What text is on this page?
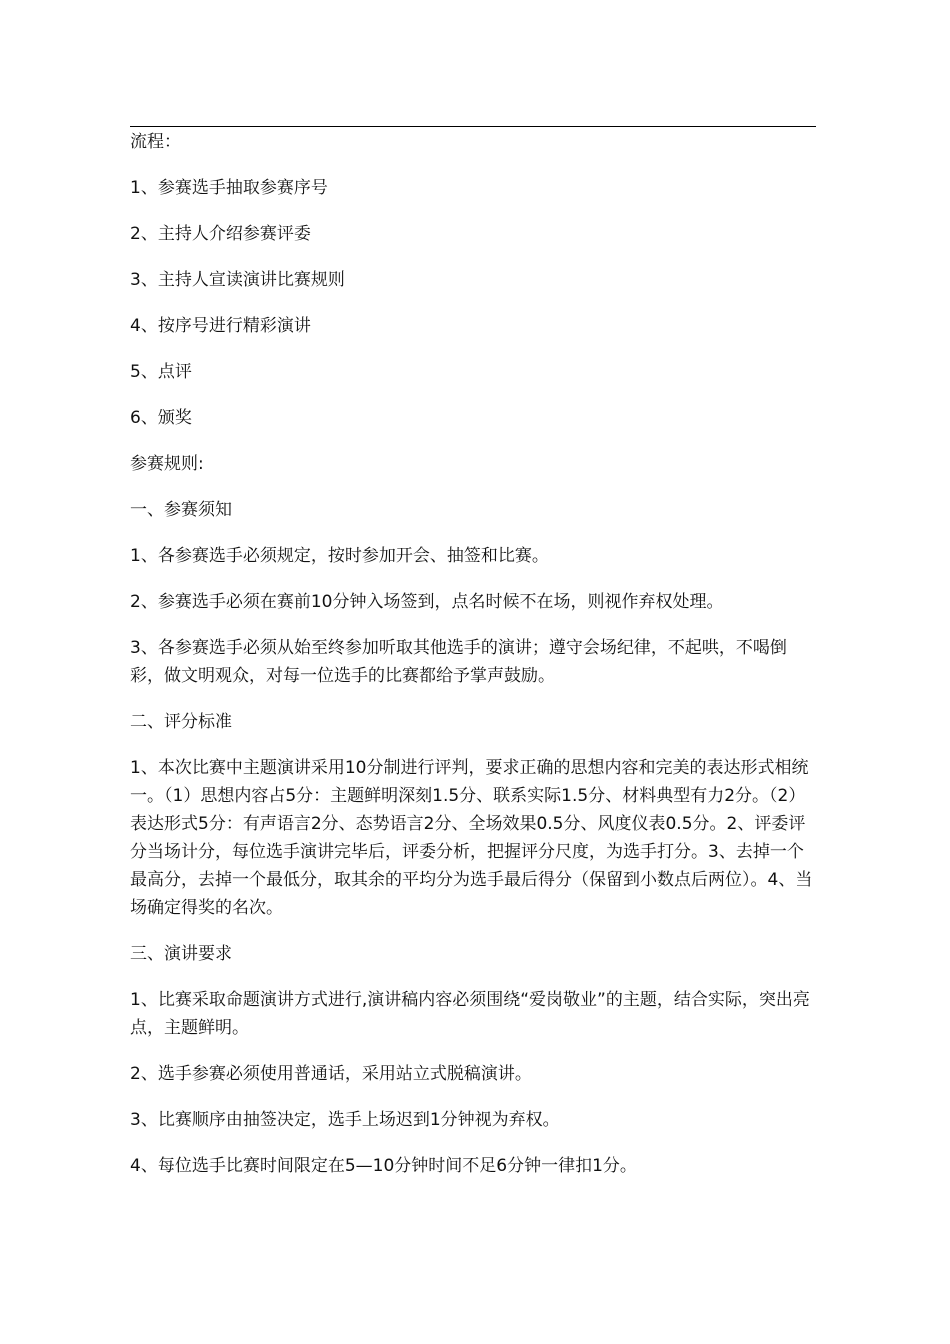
流程：

1、参赛选手抽取参赛序号

2、主持人介绍参赛评委

3、主持人宣读演讲比赛规则

4、按序号进行精彩演讲

5、点评

6、颁奖

参赛规则:

一、参赛须知

1、各参赛选手必须规定，按时参加开会、抽签和比赛。

2、参赛选手必须在赛前10分钟入场签到，点名时候不在场，则视作弃权处理。

3、各参赛选手必须从始至终参加听取其他选手的演讲；遵守会场纪律，不起哄，不喝倒彩，做文明观众，对每一位选手的比赛都给予掌声鼓励。

二、评分标准

1、本次比赛中主题演讲采用10分制进行评判，要求正确的思想内容和完美的表达形式相统一。（1）思想内容占5分：主题鲜明深刻1.5分、联系实际1.5分、材料典型有力2分。（2）表达形式5分：有声语言2分、态势语言2分、全场效果0.5分、风度仪表0.5分。2、评委评分当场计分，每位选手演讲完毕后，评委分析，把握评分尺度，为选手打分。3、去掉一个最高分，去掉一个最低分，取其余的平均分为选手最后得分（保留到小数点后两位）。4、当场确定得奖的名次。

三、演讲要求

1、比赛采取命题演讲方式进行,演讲稿内容必须围绕“爱岗敬业”的主题，结合实际，突出亮点，主题鲜明。

2、选手参赛必须使用普通话，采用站立式脱稿演讲。

3、比赛顺序由抽签决定，选手上场迟到1分钟视为弃权。

4、每位选手比赛时间限定在5—10分钟时间不足6分钟一律扣1分。
